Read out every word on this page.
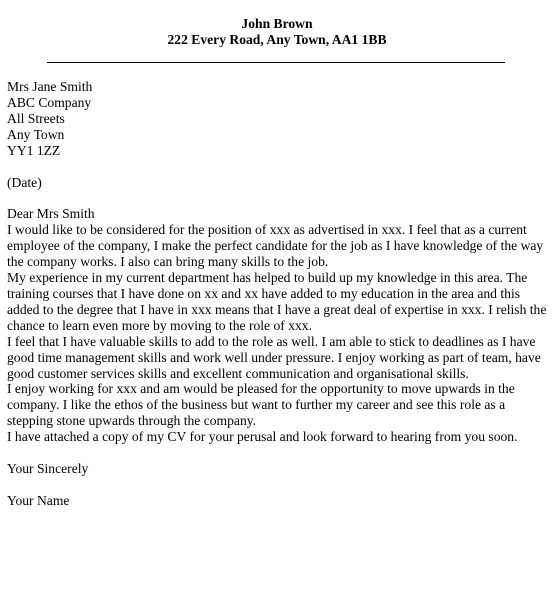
John Brown
222 Every Road, Any Town, AA1 1BB
Mrs Jane Smith
ABC Company
All Streets
Any Town
YY1 1ZZ
(Date)
Dear Mrs Smith
I would like to be considered for the position of xxx as advertised in xxx. I feel that as a current
employee of the company, I make the perfect candidate for the job as I have knowledge of the way
the company works. I also can bring many skills to the job.
My experience in my current department has helped to build up my knowledge in this area. The
training courses that I have done on xx and xx have added to my education in the area and this
added to the degree that I have in xxx means that I have a great deal of expertise in xxx. I relish the
chance to learn even more by moving to the role of xxx.
I feel that I have valuable skills to add to the role as well. I am able to stick to deadlines as I have
good time management skills and work well under pressure. I enjoy working as part of team, have
good customer services skills and excellent communication and organisational skills.
I enjoy working for xxx and am would be pleased for the opportunity to move upwards in the
company. I like the ethos of the business but want to further my career and see this role as a
stepping stone upwards through the company.
I have attached a copy of my CV for your perusal and look forward to hearing from you soon.
Your Sincerely
Your Name
